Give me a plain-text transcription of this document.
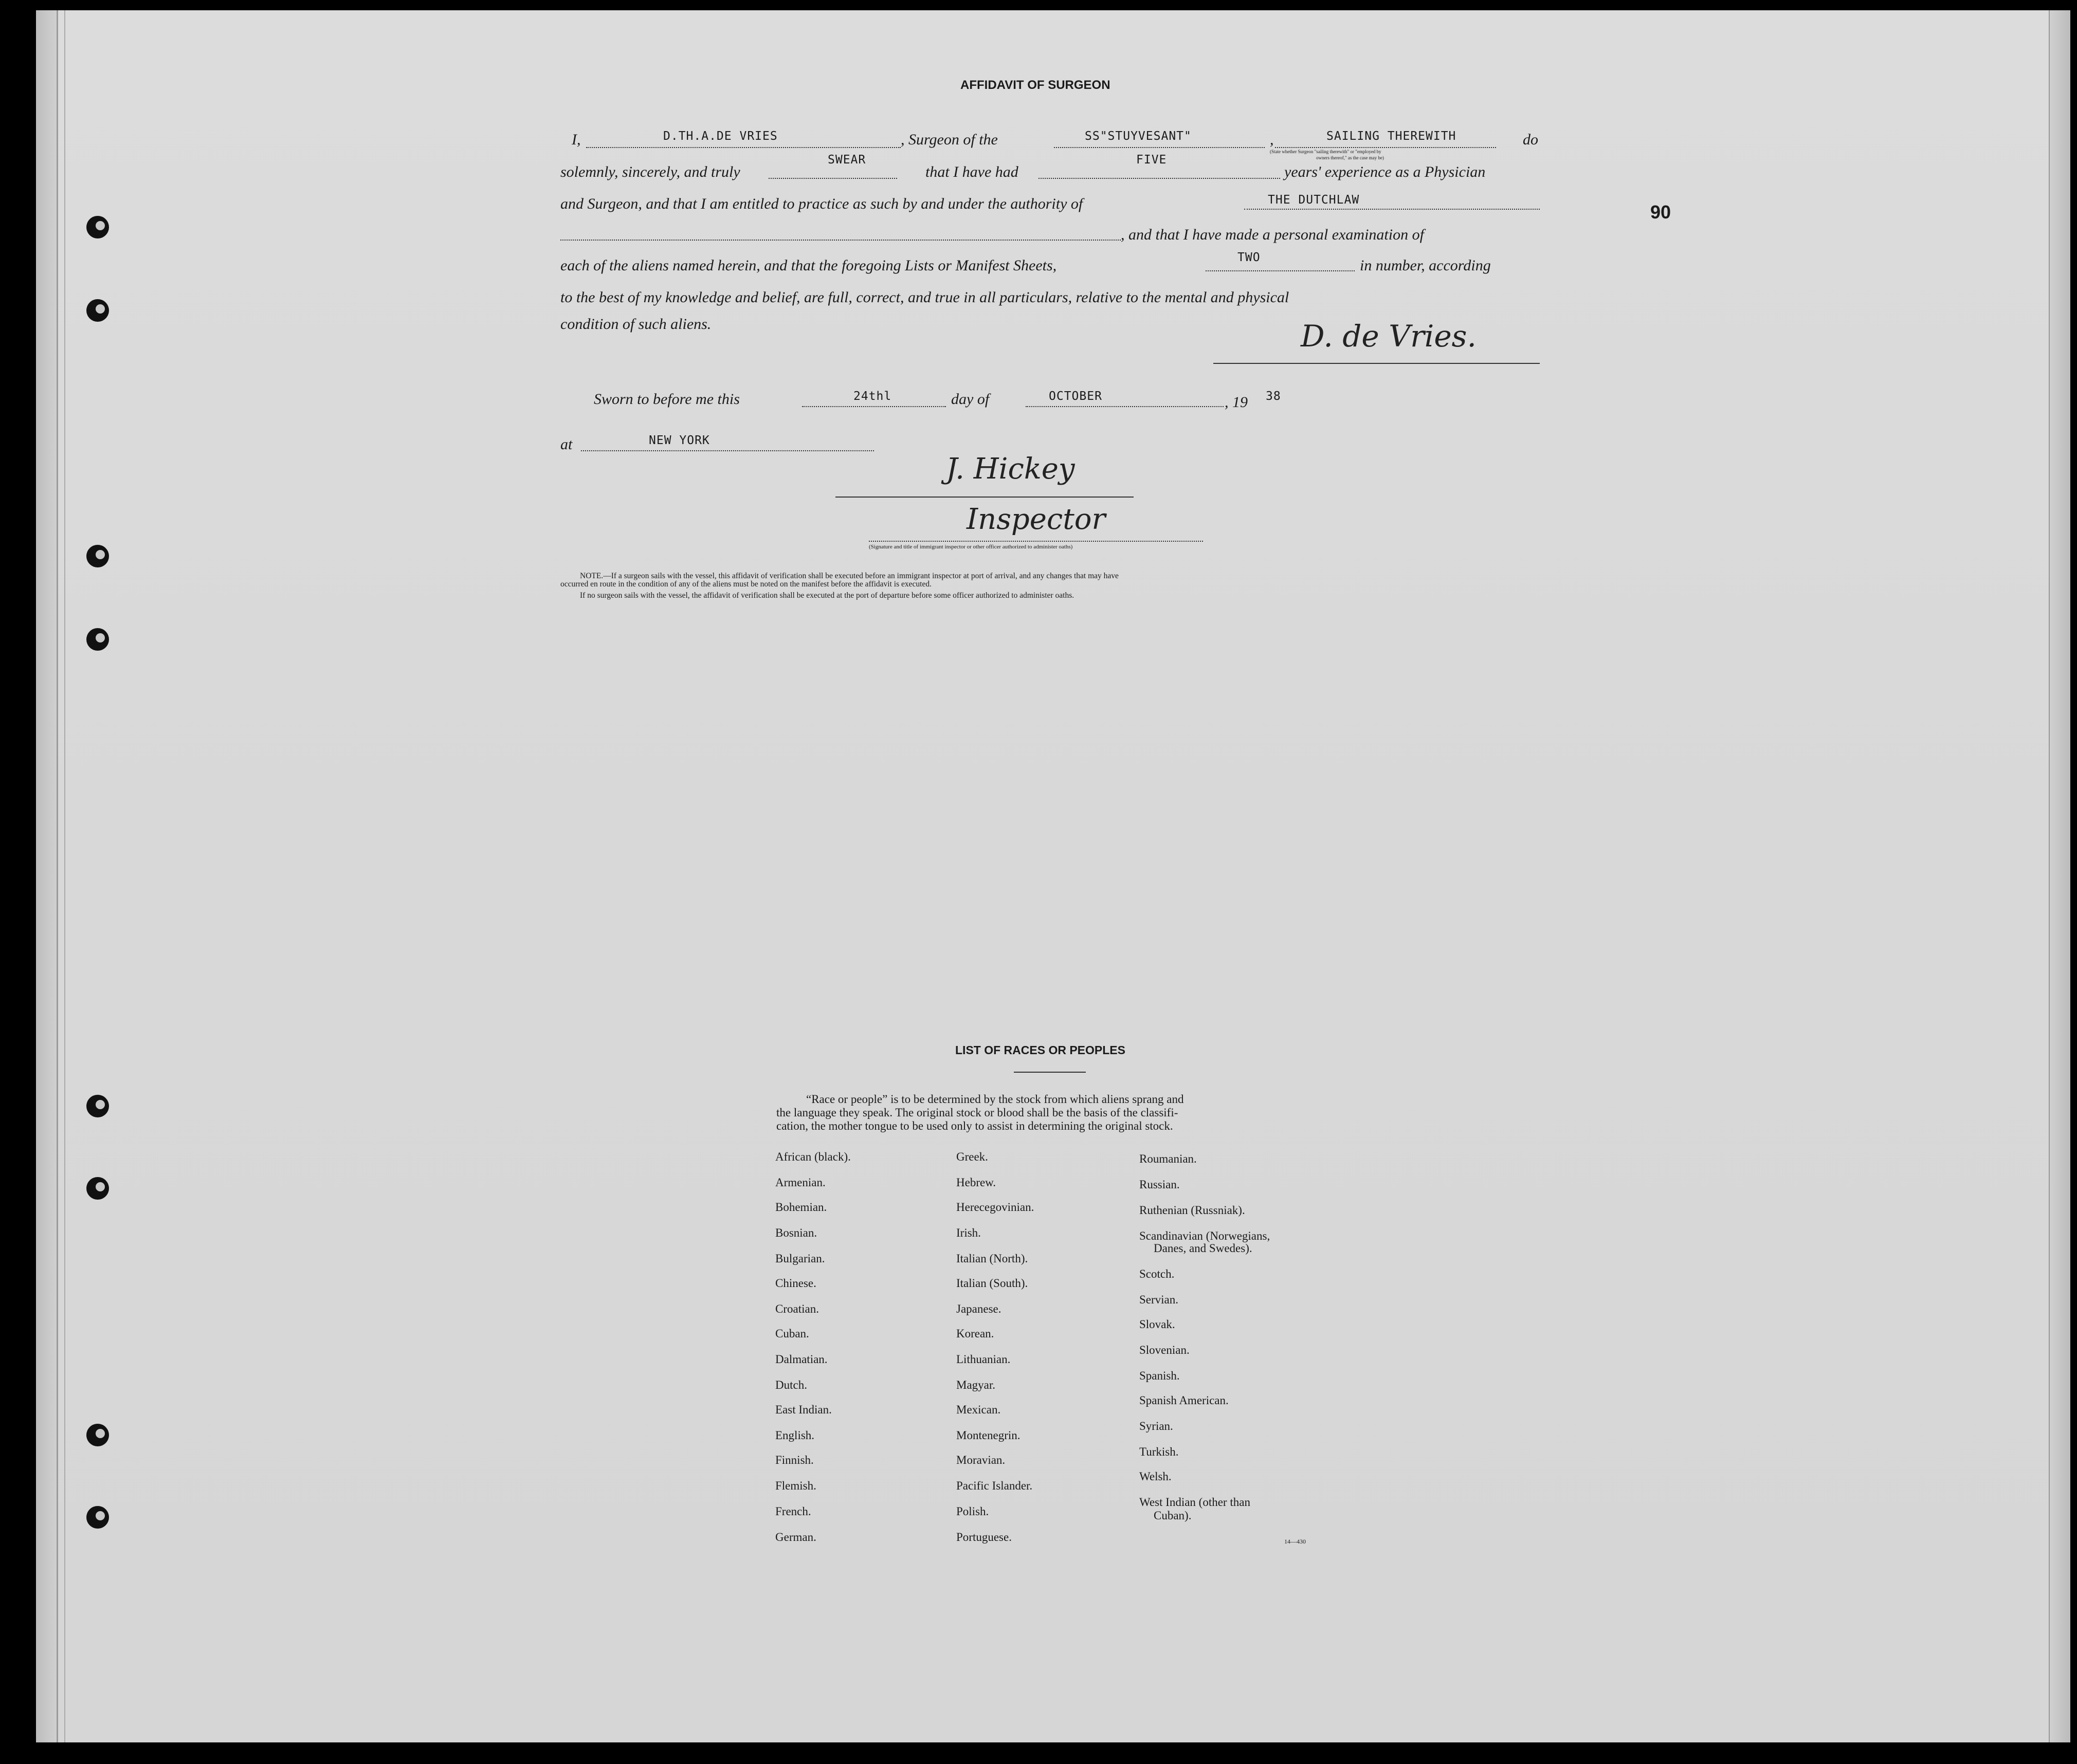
90
AFFIDAVIT OF SURGEON
I,	D.TH.A.DE VRIES	, Surgeon of the	SS"STUYVESANT"	,	SAILING THEREWITH
(State whether Surgeon "sailing therewith" or "employed by
owners thereof," as the case may be)
do
solemnly, sincerely, and truly
SWEAR
that I have had
FIVE
years' experience as a Physician
and Surgeon, and that I am entitled to practice as such by and under the authority of	THE DUTCHLAW
, and that I have made a personal examination of
each of the aliens named herein, and that the foregoing Lists or Manifest Sheets,	TWO	in number, according
to the best of my knowledge and belief, are full, correct, and true in all particulars, relative to the mental and physical
condition of such aliens.	D. de Vries.
Sworn to before me this	24thl	day of	OCTOBER	, 19 38
at	NEW YORK
J. Hickey
Inspector
(Signature and title of immigrant inspector or other officer authorized to administer oaths)
NOTE.—If a surgeon sails with the vessel, this affidavit of verification shall be executed before an immigrant inspector at port of arrival, and any changes that may have
occurred en route in the condition of any of the aliens must be noted on the manifest before the affidavit is executed.
If no surgeon sails with the vessel, the affidavit of verification shall be executed at the port of departure before some officer authorized to administer oaths.
LIST OF RACES OR PEOPLES
“Race or people” is to be determined by the stock from which aliens sprang and
the language they speak. The original stock or blood shall be the basis of the classifi-
cation, the mother tongue to be used only to assist in determining the original stock.
African (black).
Armenian.
Bohemian.
Bosnian.
Bulgarian.
Chinese.
Croatian.
Cuban.
Dalmatian.
Dutch.
East Indian.
English.
Finnish.
Flemish.
French.
German.
Greek.
Hebrew.
Herecegovinian.
Irish.
Italian (North).
Italian (South).
Japanese.
Korean.
Lithuanian.
Magyar.
Mexican.
Montenegrin.
Moravian.
Pacific Islander.
Polish.
Portuguese.
Roumanian.
Russian.
Ruthenian (Russniak).
Scandinavian (Norwegians,
Danes, and Swedes).
Scotch.
Servian.
Slovak.
Slovenian.
Spanish.
Spanish American.
Syrian.
Turkish.
Welsh.
West Indian (other than
Cuban).
14—430
